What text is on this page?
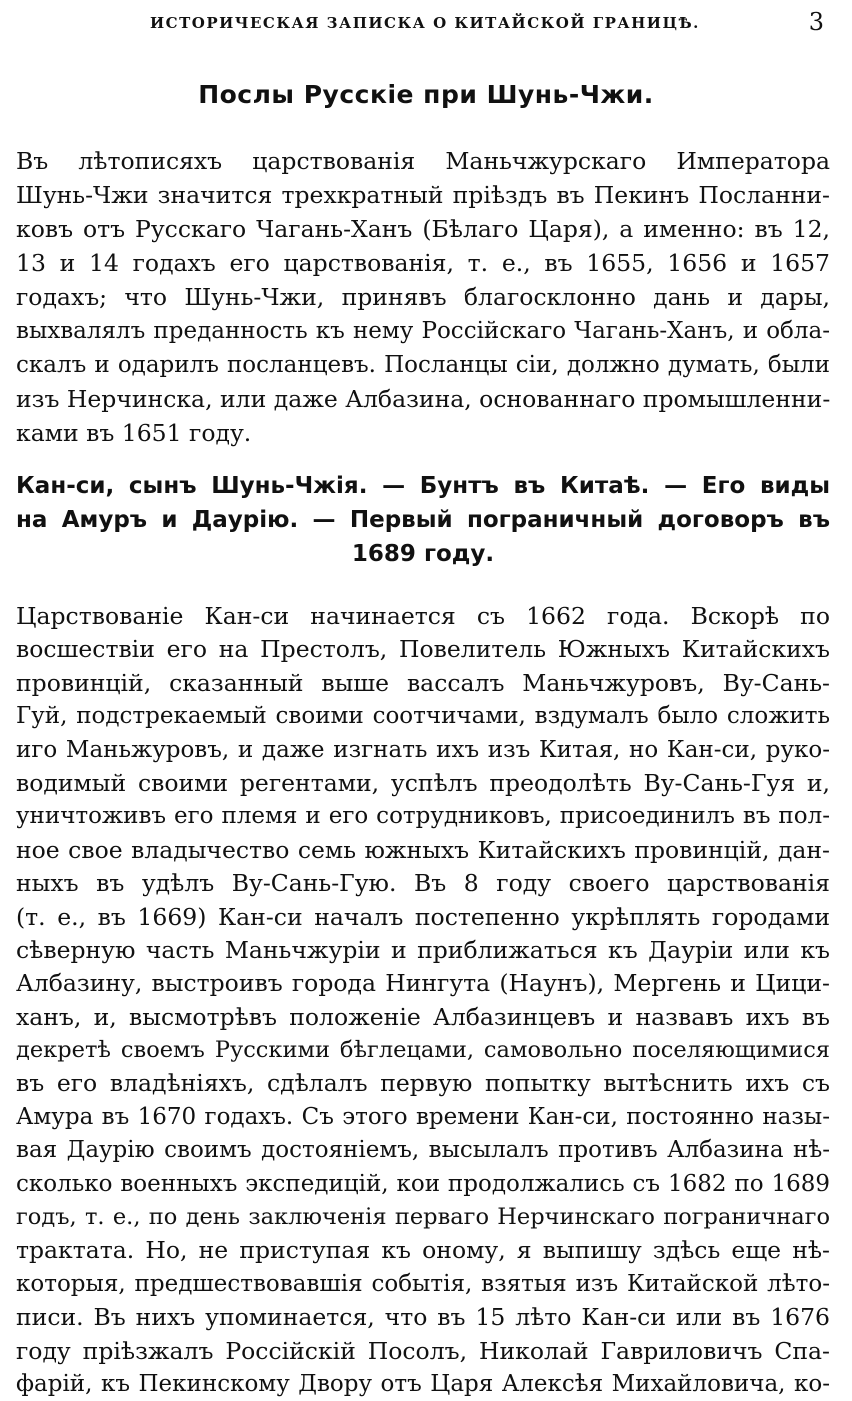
ИСТОРИЧЕСКАЯ ЗАПИСКА О КИТАЙСКОЙ ГРАНИЦѢ.	3
Послы Русскіе при Шунь-Чжи.
Въ лѣтописяхъ царствованія Маньчжурскаго Императора
Шунь-Чжи значится трехкратный пріѣздъ въ Пекинъ Посланни-
ковъ отъ Русскаго Чагань-Ханъ (Бѣлаго Царя), а именно: въ 12,
13 и 14 годахъ его царствованія, т. е., въ 1655, 1656 и 1657
годахъ; что Шунь-Чжи, принявъ благосклонно дань и дары,
выхвалялъ преданность къ нему Россійскаго Чагань-Ханъ, и обла-
скалъ и одарилъ посланцевъ. Посланцы сіи, должно думать, были
изъ Нерчинска, или даже Албазина, основаннаго промышленни-
ками въ 1651 году.
Кан-си, сынъ Шунь-Чжія. — Бунтъ въ Китаѣ. — Его виды
на Амуръ и Даурію. — Первый пограничный договоръ въ
1689 году.
Царствованіе Кан-си начинается съ 1662 года. Вскорѣ по
восшествіи его на Престолъ, Повелитель Южныхъ Китайскихъ
провинцій, сказанный выше вассалъ Маньчжуровъ, Ву-Сань-
Гуй, подстрекаемый своими соотчичами, вздумалъ было сложить
иго Маньжуровъ, и даже изгнать ихъ изъ Китая, но Кан-си, руко-
водимый своими регентами, успѣлъ преодолѣть Ву-Сань-Гуя и,
уничтоживъ его племя и его сотрудниковъ, присоединилъ въ пол-
ное свое владычество семь южныхъ Китайскихъ провинцій, дан-
ныхъ въ удѣлъ Ву-Сань-Гую. Въ 8 году своего царствованія
(т. е., въ 1669) Кан-си началъ постепенно укрѣплять городами
сѣверную часть Маньчжуріи и приближаться къ Дауріи или къ
Албазину, выстроивъ города Нингута (Наунъ), Мергень и Цици-
ханъ, и, высмотрѣвъ положеніе Албазинцевъ и назвавъ ихъ въ
декретѣ своемъ Русскими бѣглецами, самовольно поселяющимися
въ его владѣніяхъ, сдѣлалъ первую попытку вытѣснить ихъ съ
Амура въ 1670 годахъ. Съ этого времени Кан-си, постоянно назы-
вая Даурію своимъ достояніемъ, высылалъ противъ Албазина нѣ-
сколько военныхъ экспедицій, кои продолжались съ 1682 по 1689
годъ, т. е., по день заключенія перваго Нерчинскаго пограничнаго
трактата. Но, не приступая къ оному, я выпишу здѣсь еще нѣ-
которыя, предшествовавшія событія, взятыя изъ Китайской лѣто-
писи. Въ нихъ упоминается, что въ 15 лѣто Кан-си или въ 1676
году пріѣзжалъ Россійскій Посолъ, Николай Гавриловичъ Спа-
фарій, къ Пекинскому Двору отъ Царя Алексѣя Михайловича, ко-
